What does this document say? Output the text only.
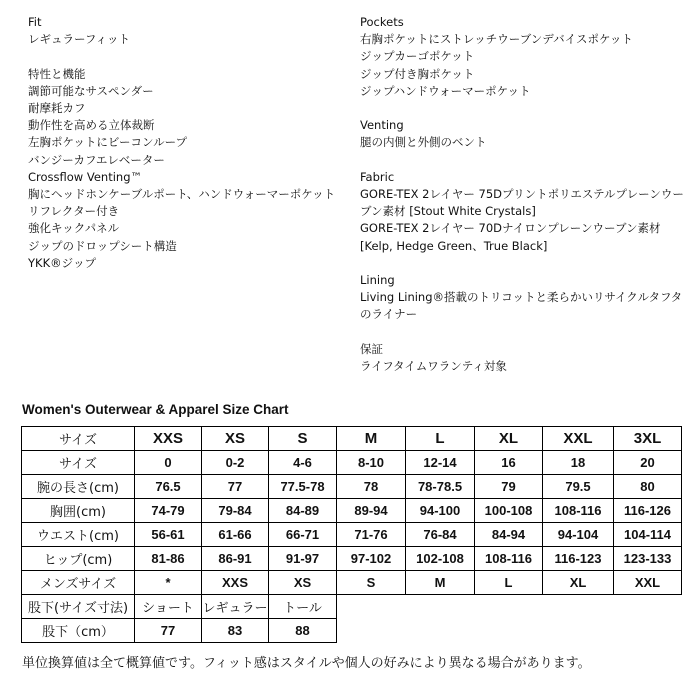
Fit
レギュラーフィット
特性と機能
調節可能なサスペンダー
耐摩耗カフ
動作性を高める立体裁断
左胸ポケットにビーコンループ
バンジーカフエレベーター
Crossflow Venting™
胸にヘッドホンケーブルポート、ハンドウォーマーポケット
リフレクター付き
強化キックパネル
ジップのドロップシート構造
YKK®ジップ
Pockets
右胸ポケットにストレッチウーブンデバイスポケット
ジップカーゴポケット
ジップ付き胸ポケット
ジップハンドウォーマーポケット
Venting
腿の内側と外側のベント
Fabric
GORE-TEX 2レイヤー 75Dプリントポリエステルプレーンウーブン素材 [Stout White Crystals]
GORE-TEX 2レイヤー 70Dナイロンプレーンウーブン素材 [Kelp, Hedge Green、True Black]
Lining
Living Lining®搭載のトリコットと柔らかいリサイクルタフタのライナー
保証
ライフタイムワランティ対象
Women's Outerwear & Apparel Size Chart
サイズ	XXS	XS	S	M	L	XL	XXL	3XL
サイズ	0	0-2	4-6	8-10	12-14	16	18	20
腕の長さ(cm)	76.5	77	77.5-78	78	78-78.5	79	79.5	80
胸囲(cm)	74-79	79-84	84-89	89-94	94-100	100-108	108-116	116-126
ウエスト(cm)	56-61	61-66	66-71	71-76	76-84	84-94	94-104	104-114
ヒップ(cm)	81-86	86-91	91-97	97-102	102-108	108-116	116-123	123-133
メンズサイズ	*	XXS	XS	S	M	L	XL	XXL
股下(サイズ寸法)	ショート	レギュラー	トール					
股下（cm）	77	83	88					
単位換算値は全て概算値です。フィット感はスタイルや個人の好みにより異なる場合があります。
